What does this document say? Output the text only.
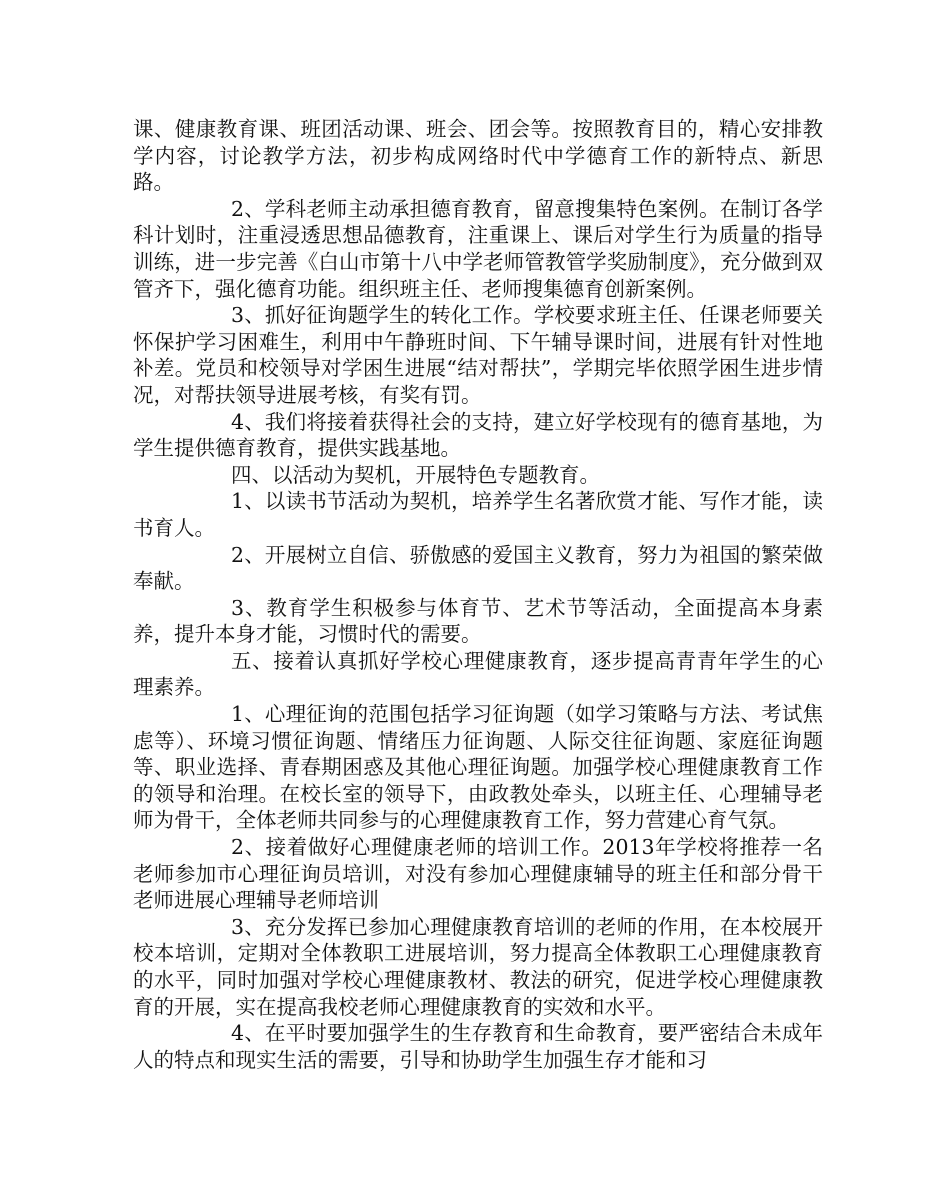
课、健康教育课、班团活动课、班会、团会等。按照教育目的，精心安排教学内容，讨论教学方法，初步构成网络时代中学德育工作的新特点、新思路。

2、学科老师主动承担德育教育，留意搜集特色案例。在制订各学科计划时，注重浸透思想品德教育，注重课上、课后对学生行为质量的指导训练，进一步完善《白山市第十八中学老师管教管学奖励制度》，充分做到双管齐下，强化德育功能。组织班主任、老师搜集德育创新案例。

3、抓好征询题学生的转化工作。学校要求班主任、任课老师要关怀保护学习困难生，利用中午静班时间、下午辅导课时间，进展有针对性地补差。党员和校领导对学困生进展“结对帮扶”，学期完毕依照学困生进步情况，对帮扶领导进展考核，有奖有罚。

4、我们将接着获得社会的支持，建立好学校现有的德育基地，为学生提供德育教育，提供实践基地。

四、以活动为契机，开展特色专题教育。

1、以读书节活动为契机，培养学生名著欣赏才能、写作才能，读书育人。

2、开展树立自信、骄傲感的爱国主义教育，努力为祖国的繁荣做奉献。

3、教育学生积极参与体育节、艺术节等活动，全面提高本身素养，提升本身才能，习惯时代的需要。

五、接着认真抓好学校心理健康教育，逐步提高青青年学生的心理素养。

1、心理征询的范围包括学习征询题（如学习策略与方法、考试焦虑等）、环境习惯征询题、情绪压力征询题、人际交往征询题、家庭征询题等、职业选择、青春期困惑及其他心理征询题。加强学校心理健康教育工作的领导和治理。在校长室的领导下，由政教处牵头，以班主任、心理辅导老师为骨干，全体老师共同参与的心理健康教育工作，努力营建心育气氛。

2、接着做好心理健康老师的培训工作。2013年学校将推荐一名老师参加市心理征询员培训，对没有参加心理健康辅导的班主任和部分骨干老师进展心理辅导老师培训

3、充分发挥已参加心理健康教育培训的老师的作用，在本校展开校本培训，定期对全体教职工进展培训，努力提高全体教职工心理健康教育的水平，同时加强对学校心理健康教材、教法的研究，促进学校心理健康教育的开展，实在提高我校老师心理健康教育的实效和水平。

4、在平时要加强学生的生存教育和生命教育，要严密结合未成年人的特点和现实生活的需要，引导和协助学生加强生存才能和习
